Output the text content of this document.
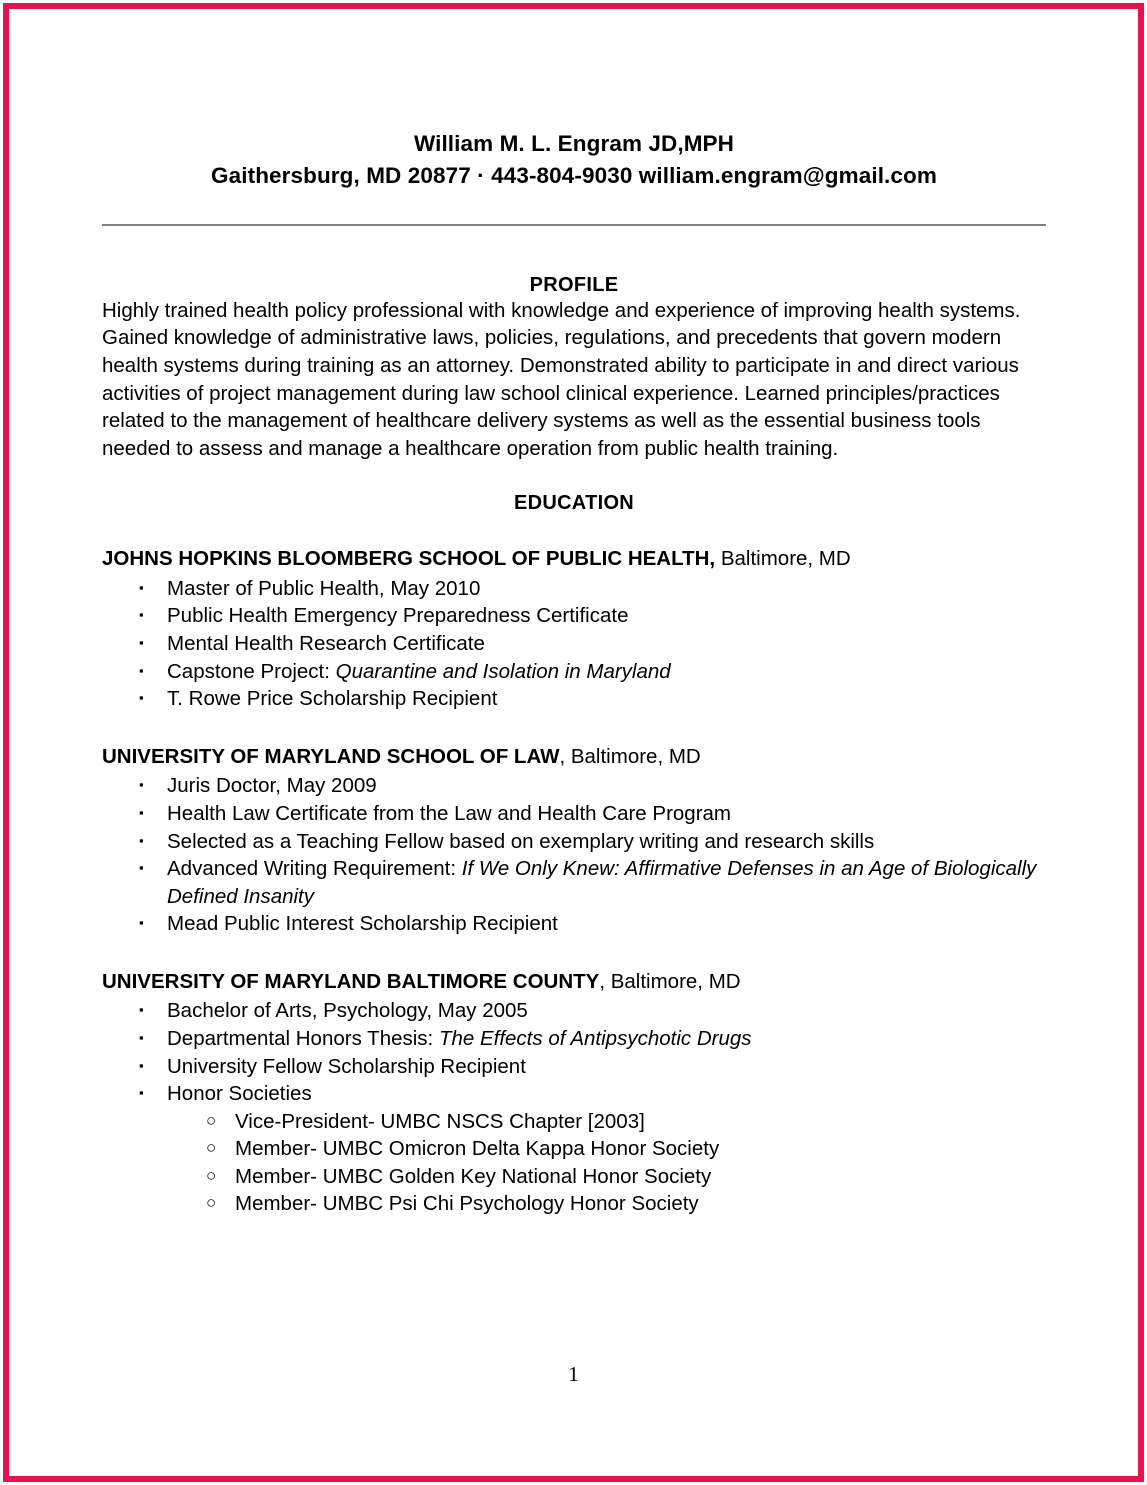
William M. L. Engram JD,MPH
Gaithersburg, MD 20877 · 443-804-9030 william.engram@gmail.com
PROFILE
Highly trained health policy professional with knowledge and experience of improving health systems. Gained knowledge of administrative laws, policies, regulations, and precedents that govern modern health systems during training as an attorney. Demonstrated ability to participate in and direct various activities of project management during law school clinical experience. Learned principles/practices related to the management of healthcare delivery systems as well as the essential business tools needed to assess and manage a healthcare operation from public health training.
EDUCATION
JOHNS HOPKINS BLOOMBERG SCHOOL OF PUBLIC HEALTH, Baltimore, MD
▪ Master of Public Health, May 2010
▪ Public Health Emergency Preparedness Certificate
▪ Mental Health Research Certificate
▪ Capstone Project: Quarantine and Isolation in Maryland
▪ T. Rowe Price Scholarship Recipient
UNIVERSITY OF MARYLAND SCHOOL OF LAW, Baltimore, MD
▪ Juris Doctor, May 2009
▪ Health Law Certificate from the Law and Health Care Program
▪ Selected as a Teaching Fellow based on exemplary writing and research skills
▪ Advanced Writing Requirement: If We Only Knew: Affirmative Defenses in an Age of Biologically Defined Insanity
▪ Mead Public Interest Scholarship Recipient
UNIVERSITY OF MARYLAND BALTIMORE COUNTY, Baltimore, MD
▪ Bachelor of Arts, Psychology, May 2005
▪ Departmental Honors Thesis: The Effects of Antipsychotic Drugs
▪ University Fellow Scholarship Recipient
▪ Honor Societies
○ Vice-President- UMBC NSCS Chapter [2003]
○ Member- UMBC Omicron Delta Kappa Honor Society
○ Member- UMBC Golden Key National Honor Society
○ Member- UMBC Psi Chi Psychology Honor Society
1
